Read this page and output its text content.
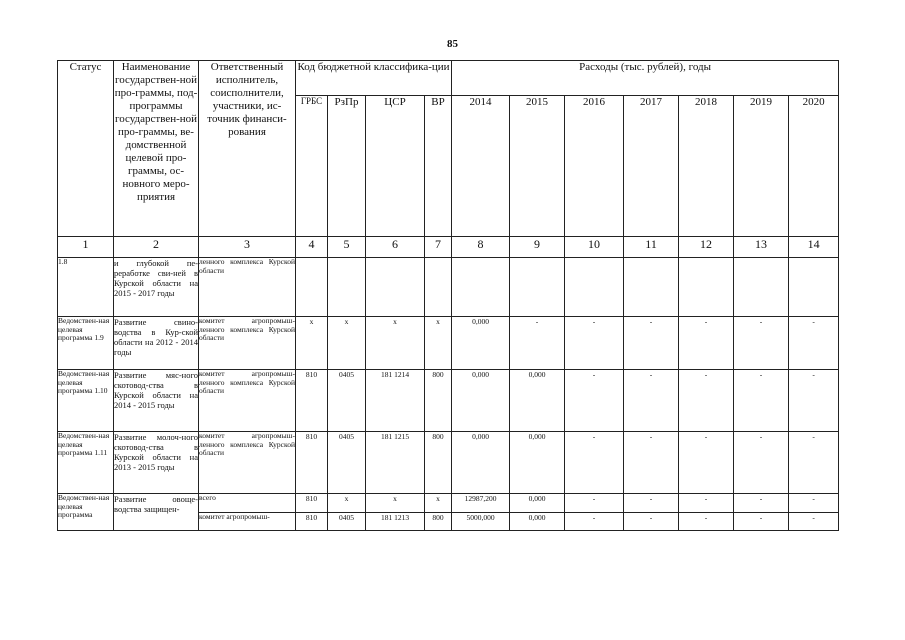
85
Статус	Наименование государствен-ной про-граммы, под-программы государствен-ной про-граммы, ве-домственной целевой про-граммы, ос-новного меро-приятия	Ответственный исполнитель, соисполнители, участники, ис-точник финанси-рования	Код бюджетной классифика-ции				Расходы (тыс. рублей), годы						
			ГРБС	РзПр	ЦСР	ВР	2014	2015	2016	2017	2018	2019	2020
1	2	3	4	5	6	7	8	9	10	11	12	13	14
1.8	и глубокой пе-реработке сви-ней в Курской области на 2015 - 2017 годы	ленного комплекса Курской области											
Ведомствен-ная целевая программа 1.9	Развитие свино-водства в Кур-ской области на 2012 - 2014 годы	комитет агропромыш-ленного комплекса Курской области	x	x	x	x	0,000	-	-	-	-	-	-
Ведомствен-ная целевая программа 1.10	Развитие мяс-ного скотовод-ства в Курской области на 2014 - 2015 годы	комитет агропромыш-ленного комплекса Курской области	810	0405	181 1214	800	0,000	0,000	-	-	-	-	-
Ведомствен-ная целевая программа 1.11	Развитие молоч-ного скотовод-ства в Курской области на 2013 - 2015 годы	комитет агропромыш-ленного комплекса Курской области	810	0405	181 1215	800	0,000	0,000	-	-	-	-	-
Ведомствен-ная целевая программа	Развитие овоще-водства защищен-	всего	810	x	x	x	12987,200	0,000	-	-	-	-	-
		комитет агропромыш-	810	0405	181 1213	800	5000,000	0,000	-	-	-	-	-
